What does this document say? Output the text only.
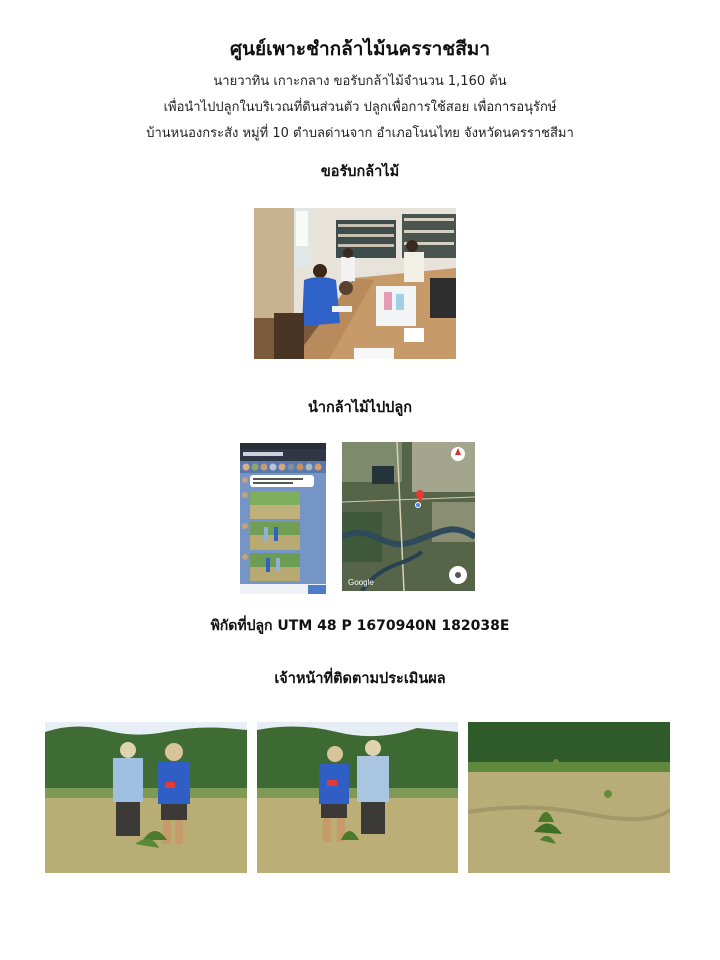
ศูนย์เพาะชำกล้าไม้นครราชสีมา
นายวาทิน เกาะกลาง ขอรับกล้าไม้จำนวน 1,160 ต้น
เพื่อนำไปปลูกในบริเวณที่ดินส่วนตัว ปลูกเพื่อการใช้สอย เพื่อการอนุรักษ์
บ้านหนองกระสัง หมู่ที่ 10 ตำบลด่านจาก อำเภอโนนไทย จังหวัดนครราชสีมา
ขอรับกล้าไม้
นำกล้าไม้ไปปลูก
Google
พิกัดที่ปลูก UTM 48 P 1670940N 182038E
เจ้าหน้าที่ติดตามประเมินผล
